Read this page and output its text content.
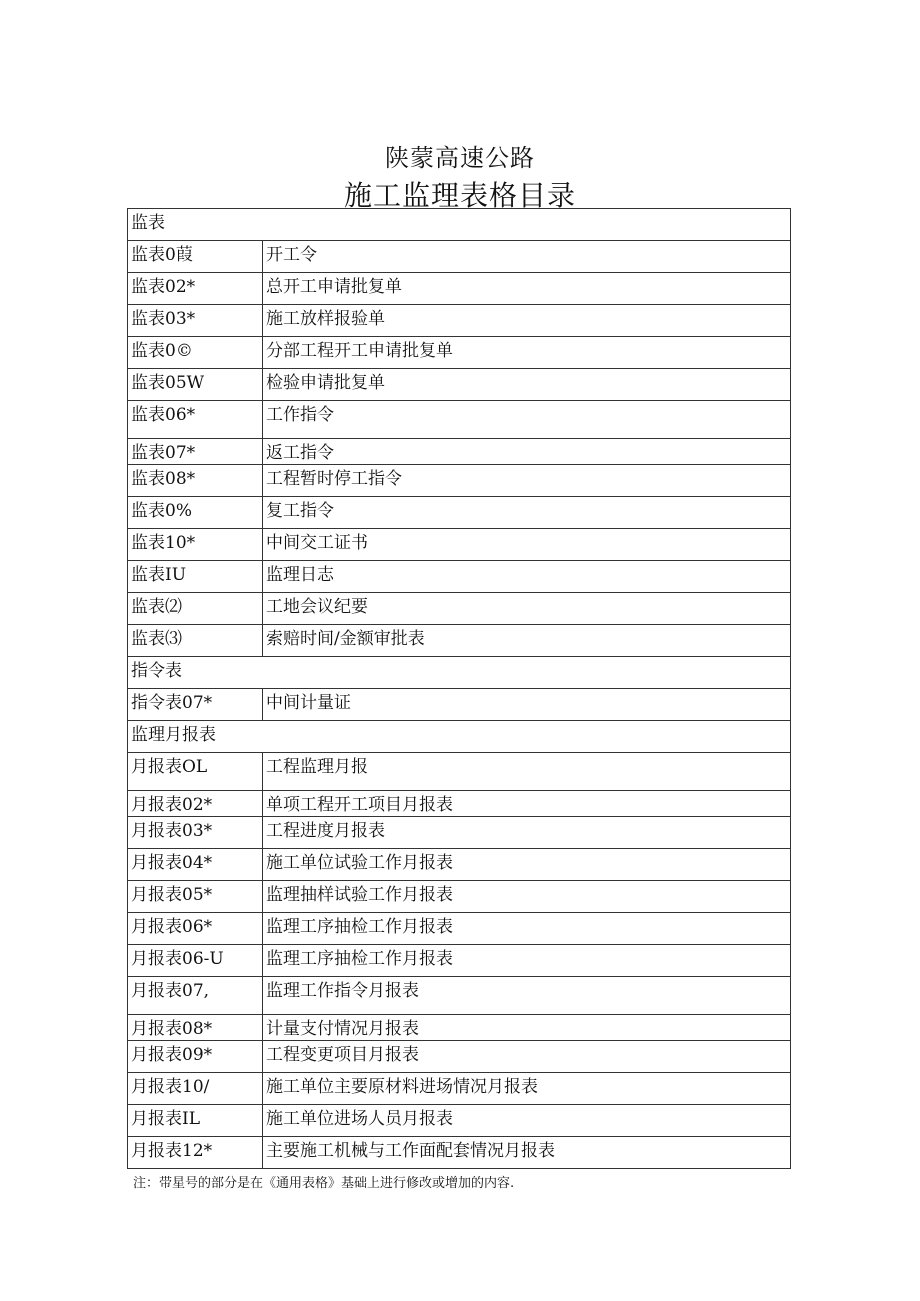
陕蒙高速公路
施工监理表格目录
监表	
监表0葭	开工令
监表02*	总开工申请批复单
监表03*	施工放样报验单
监表0©	分部工程开工申请批复单
监表05W	检验申请批复单
监表06*	工作指令
监表07*	返工指令
监表08*	工程暂时停工指令
监表0%	复工指令
监表10*	中间交工证书
监表IU	监理日志
监表⑵	工地会议纪要
监表⑶	索赔时间/金额审批表
指令表	
指令表07*	中间计量证
监理月报表	
月报表OL	工程监理月报
月报表02*	单项工程开工项目月报表
月报表03*	工程进度月报表
月报表04*	施工单位试验工作月报表
月报表05*	监理抽样试验工作月报表
月报表06*	监理工序抽检工作月报表
月报表06-U	监理工序抽检工作月报表
月报表07,	监理工作指令月报表
月报表08*	计量支付情况月报表
月报表09*	工程变更项目月报表
月报表10/	施工单位主要原材料进场情况月报表
月报表IL	施工单位进场人员月报表
月报表12*	主要施工机械与工作面配套情况月报表
注：带星号的部分是在《通用表格》基础上进行修改或增加的内容.
